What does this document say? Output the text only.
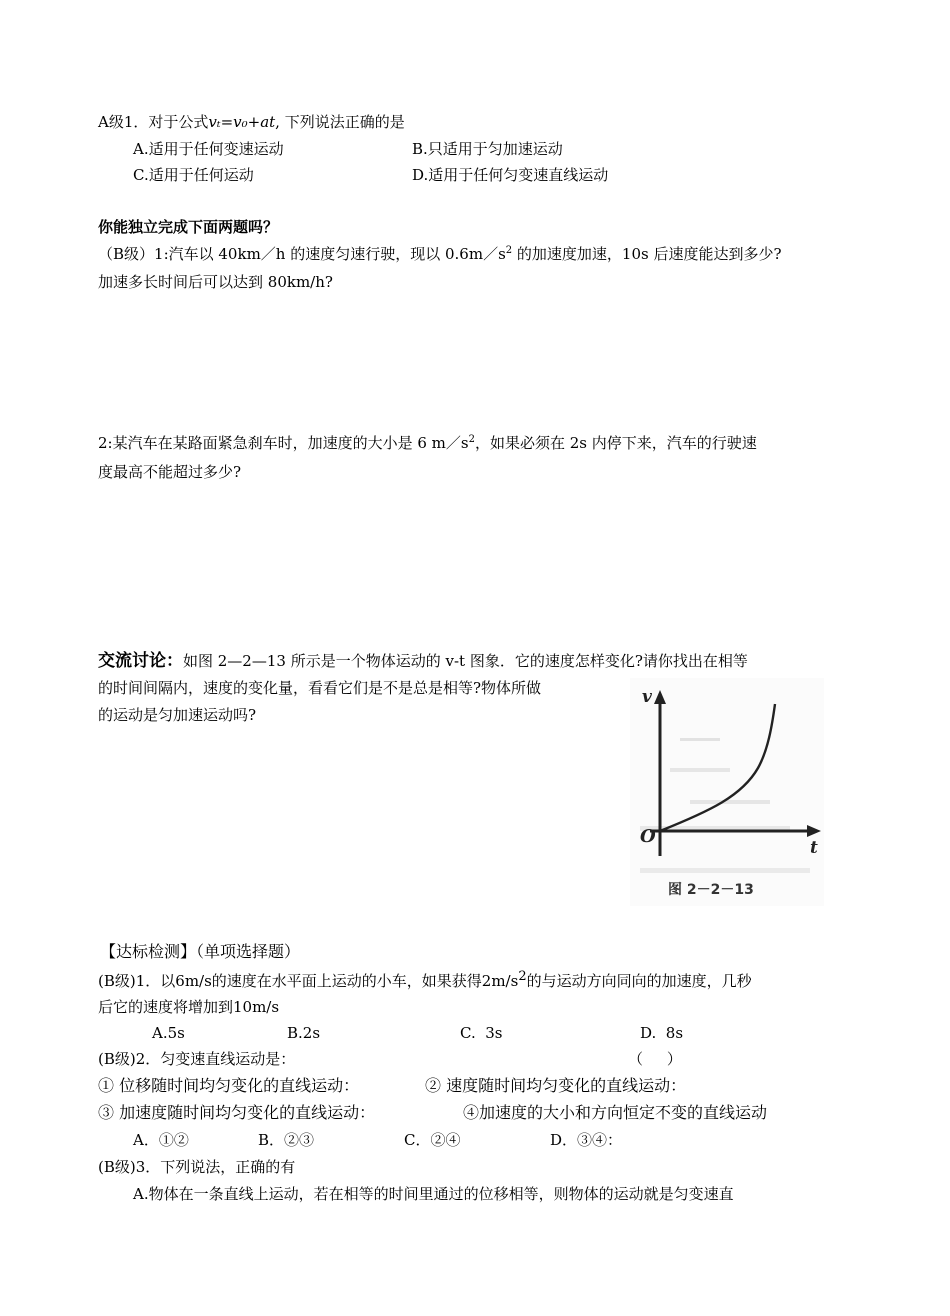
A级1．对于公式vₜ=v₀+at, 下列说法正确的是
A.适用于任何变速运动	B.只适用于匀加速运动
C.适用于任何运动	D.适用于任何匀变速直线运动
你能独立完成下面两题吗？
（B级）1:汽车以 40km／h 的速度匀速行驶，现以 $0.6m/s^2$ 的加速度加速，10s 后速度能达到多少?
加速多长时间后可以达到 80km/h?
2:某汽车在某路面紧急刹车时，加速度的大小是 6 $m/s^2$，如果必须在 2s 内停下来，汽车的行驶速
度最高不能超过多少?
交流讨论：如图 2—2—13 所示是一个物体运动的 v-t 图象．它的速度怎样变化?请你找出在相等
的时间间隔内，速度的变化量，看看它们是不是总是相等?物体所做
的运动是匀加速运动吗?
v
t
O
图 2－2－13
【达标检测】（单项选择题）
(B级)1．以6m/s的速度在水平面上运动的小车，如果获得$2m/s^2$的与运动方向同向的加速度，几秒
后它的速度将增加到10m/s
A.5s	B.2s	C.  3s	D.  8s
(B级)2．匀变速直线运动是：	（     ）
① 位移随时间均匀变化的直线运动：	② 速度随时间均匀变化的直线运动：
③ 加速度随时间均匀变化的直线运动：	④加速度的大小和方向恒定不变的直线运动
A．①②	B．②③	C．②④	D．③④：
(B级)3．下列说法，正确的有
A.物体在一条直线上运动，若在相等的时间里通过的位移相等，则物体的运动就是匀变速直
